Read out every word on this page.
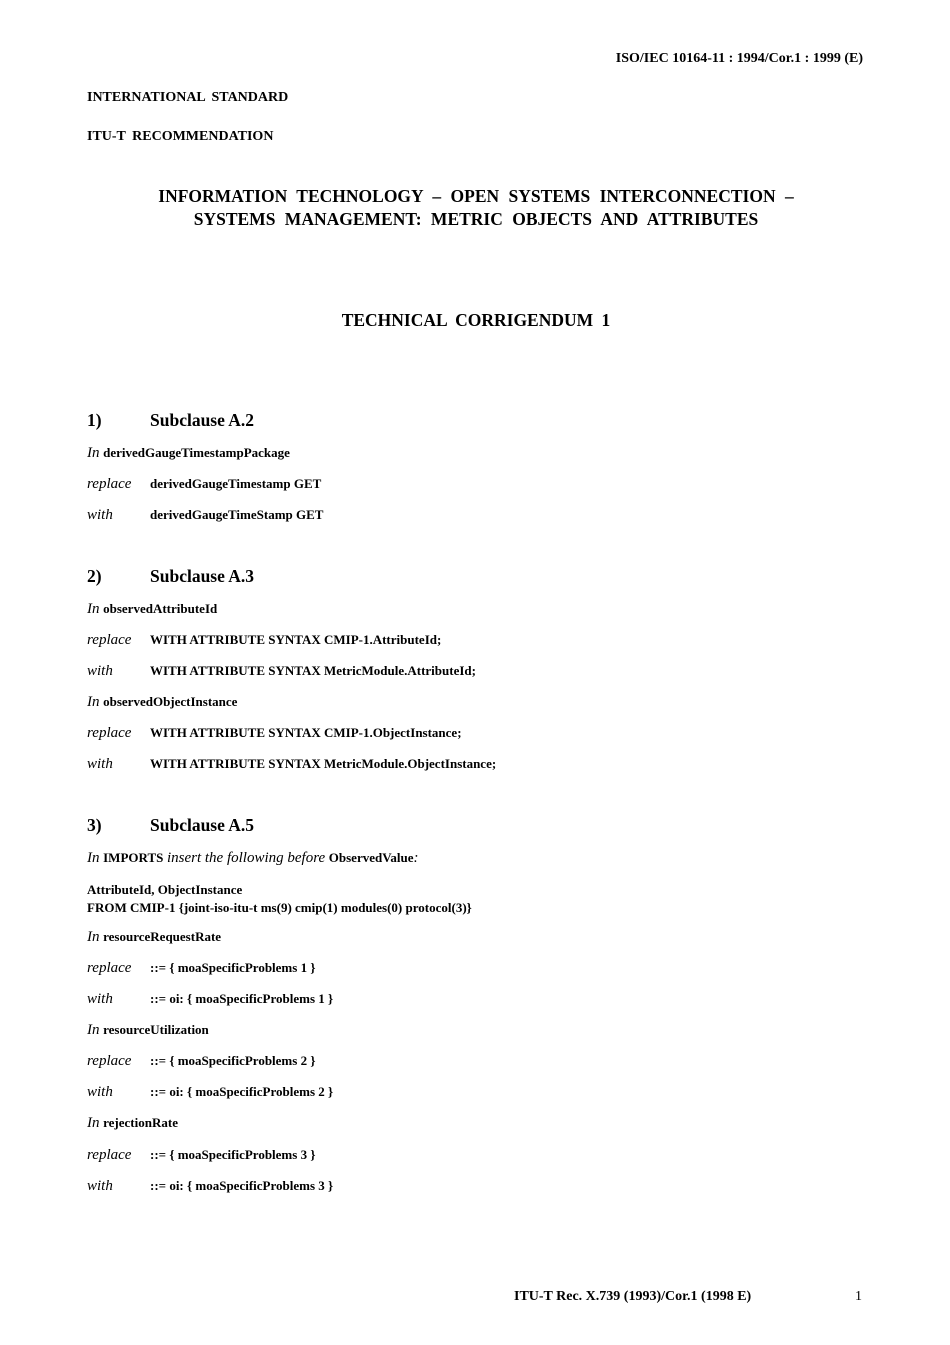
ISO/IEC 10164-11 : 1994/Cor.1 : 1999 (E)
INTERNATIONAL STANDARD
ITU-T RECOMMENDATION
INFORMATION TECHNOLOGY – OPEN SYSTEMS INTERCONNECTION –
SYSTEMS MANAGEMENT: METRIC OBJECTS AND ATTRIBUTES
TECHNICAL CORRIGENDUM 1
1)	Subclause A.2
In derivedGaugeTimestampPackage
replace derivedGaugeTimestamp GET
with	derivedGaugeTimeStamp GET
2)	Subclause A.3
In observedAttributeId
replace WITH ATTRIBUTE SYNTAX CMIP-1.AttributeId;
with	WITH ATTRIBUTE SYNTAX MetricModule.AttributeId;
In observedObjectInstance
replace WITH ATTRIBUTE SYNTAX CMIP-1.ObjectInstance;
with	WITH ATTRIBUTE SYNTAX MetricModule.ObjectInstance;
3)	Subclause A.5
In IMPORTS insert the following before ObservedValue:
AttributeId, ObjectInstance
FROM CMIP-1 {joint-iso-itu-t ms(9) cmip(1) modules(0) protocol(3)}
In resourceRequestRate
replace ::= { moaSpecificProblems 1 }
with	::= oi: { moaSpecificProblems 1 }
In resourceUtilization
replace ::= { moaSpecificProblems 2 }
with	::= oi: { moaSpecificProblems 2 }
In rejectionRate
replace ::= { moaSpecificProblems 3 }
with	::= oi: { moaSpecificProblems 3 }
ITU-T Rec. X.739 (1993)/Cor.1 (1998 E)	1
